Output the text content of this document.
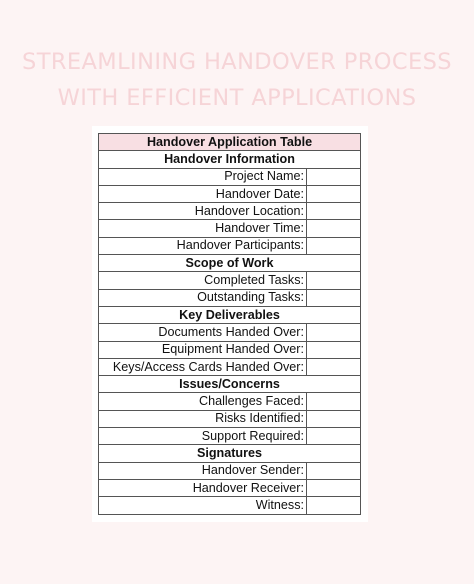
STREAMLINING HANDOVER PROCESS
WITH EFFICIENT APPLICATIONS
Handover Application Table	
Handover Information	
Project Name:	
Handover Date:	
Handover Location:	
Handover Time:	
Handover Participants:	
Scope of Work	
Completed Tasks:	
Outstanding Tasks:	
Key Deliverables	
Documents Handed Over:	
Equipment Handed Over:	
Keys/Access Cards Handed Over:	
Issues/Concerns	
Challenges Faced:	
Risks Identified:	
Support Required:	
Signatures	
Handover Sender:	
Handover Receiver:	
Witness:	
